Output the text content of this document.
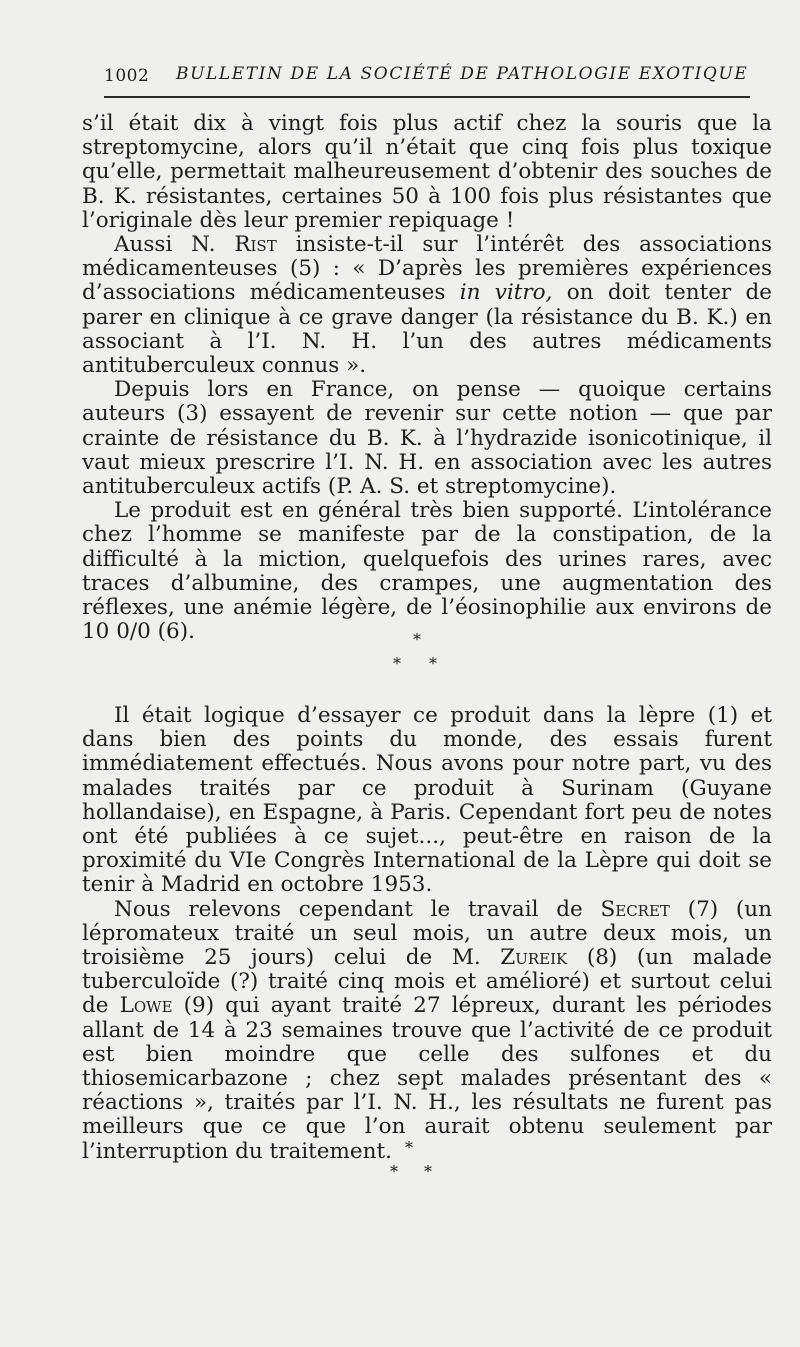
1002 BULLETIN DE LA SOCIÉTÉ DE PATHOLOGIE EXOTIQUE

s’il était dix à vingt fois plus actif chez la souris que la streptomycine, alors qu’il n’était que cinq fois plus toxique qu’elle, permettait malheureusement d’obtenir des souches de B. K. résistantes, certaines 50 à 100 fois plus résistantes que l’originale dès leur premier repiquage !

Aussi N. Rist insiste-t-il sur l’intérêt des associations médicamenteuses (5) : « D’après les premières expériences d’associations médicamenteuses in vitro, on doit tenter de parer en clinique à ce grave danger (la résistance du B. K.) en associant à l’I. N. H. l’un des autres médicaments antituberculeux connus ».

Depuis lors en France, on pense — quoique certains auteurs (3) essayent de revenir sur cette notion — que par crainte de résistance du B. K. à l’hydrazide isonicotinique, il vaut mieux prescrire l’I. N. H. en association avec les autres antituberculeux actifs (P. A. S. et streptomycine).

Le produit est en général très bien supporté. L’intolérance chez l’homme se manifeste par de la constipation, de la difficulté à la miction, quelquefois des urines rares, avec traces d’albumine, des crampes, une augmentation des réflexes, une anémie légère, de l’éosinophilie aux environs de 10 0/0 (6).	*
* *

Il était logique d’essayer ce produit dans la lèpre (1) et dans bien des points du monde, des essais furent immédiatement effectués. Nous avons pour notre part, vu des malades traités par ce produit à Surinam (Guyane hollandaise), en Espagne, à Paris. Cependant fort peu de notes ont été publiées à ce sujet..., peut-être en raison de la proximité du VIe Congrès International de la Lèpre qui doit se tenir à Madrid en octobre 1953.

Nous relevons cependant le travail de Secret (7) (un lépromateux traité un seul mois, un autre deux mois, un troisième 25 jours) celui de M. Zureik (8) (un malade tuberculoïde (?) traité cinq mois et amélioré) et surtout celui de Lowe (9) qui ayant traité 27 lépreux, durant les périodes allant de 14 à 23 semaines trouve que l’activité de ce produit est bien moindre que celle des sulfones et du thiosemicarbazone ; chez sept malades présentant des « réactions », traités par l’I. N. H., les résultats ne furent pas meilleurs que ce que l’on aurait obtenu seulement par l’interruption du traitement. *
* *
